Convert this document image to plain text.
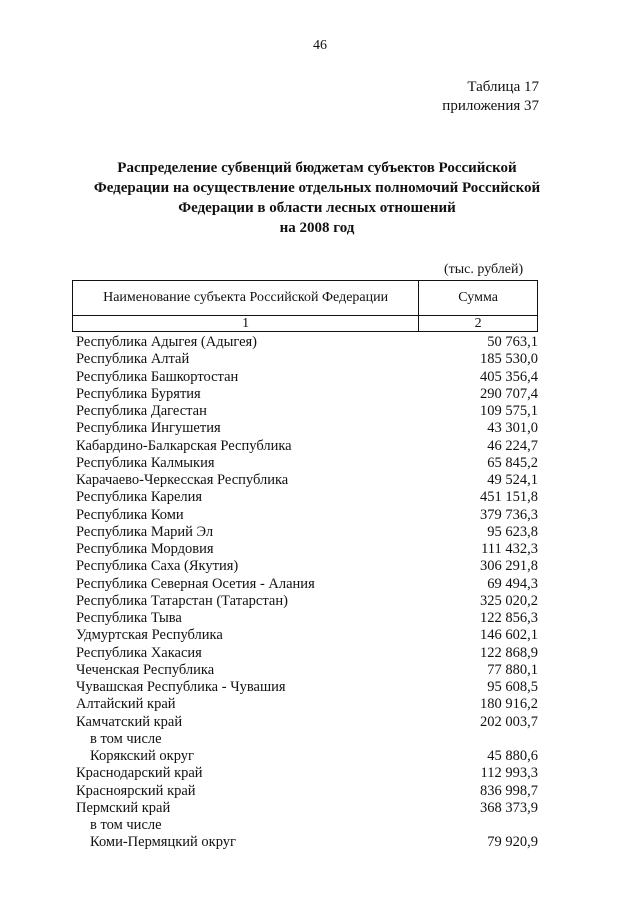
46
Таблица 17
приложения 37
Распределение субвенций бюджетам субъектов Российской
Федерации на осуществление отдельных полномочий Российской
Федерации в области лесных отношений
на 2008 год
(тыс. рублей)
Наименование субъекта Российской Федерации	Сумма
1	2
Республика Адыгея (Адыгея)	50 763,1
Республика Алтай	185 530,0
Республика Башкортостан	405 356,4
Республика Бурятия	290 707,4
Республика Дагестан	109 575,1
Республика Ингушетия	43 301,0
Кабардино-Балкарская Республика	46 224,7
Республика Калмыкия	65 845,2
Карачаево-Черкесская Республика	49 524,1
Республика Карелия	451 151,8
Республика Коми	379 736,3
Республика Марий Эл	95 623,8
Республика Мордовия	111 432,3
Республика Саха (Якутия)	306 291,8
Республика Северная Осетия - Алания	69 494,3
Республика Татарстан (Татарстан)	325 020,2
Республика Тыва	122 856,3
Удмуртская Республика	146 602,1
Республика Хакасия	122 868,9
Чеченская Республика	77 880,1
Чувашская Республика - Чувашия	95 608,5
Алтайский край	180 916,2
Камчатский край	202 003,7
в том числе
Корякский округ	45 880,6
Краснодарский край	112 993,3
Красноярский край	836 998,7
Пермский край	368 373,9
в том числе
Коми-Пермяцкий округ	79 920,9
